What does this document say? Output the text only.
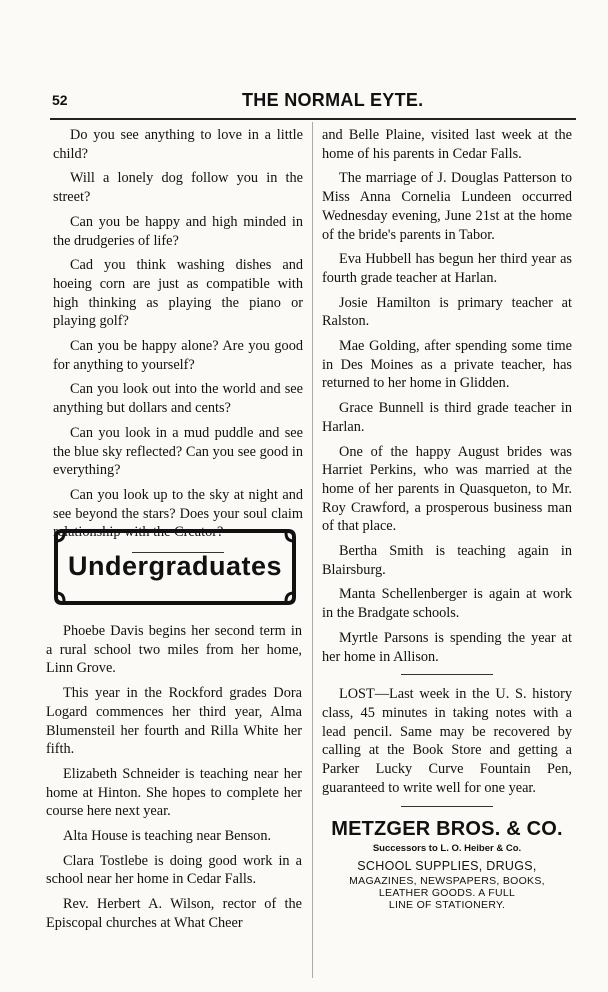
52	THE NORMAL EYTE.

Do you see anything to love in a little child?

Will a lonely dog follow you in the street?

Can you be happy and high minded in the drudgeries of life?

Cad you think washing dishes and hoeing corn are just as compatible with high thinking as playing the piano or playing golf?

Can you be happy alone? Are you good for anything to yourself?

Can you look out into the world and see anything but dollars and cents?

Can you look in a mud puddle and see the blue sky reflected? Can you see good in everything?

Can you look up to the sky at night and see beyond the stars? Does your soul claim relationship with the Creator?

Undergraduates

Phoebe Davis begins her second term in a rural school two miles from her home, Linn Grove.

This year in the Rockford grades Dora Logard commences her third year, Alma Blumensteil her fourth and Rilla White her fifth.

Elizabeth Schneider is teaching near her home at Hinton. She hopes to complete her course here next year.

Alta House is teaching near Benson.

Clara Tostlebe is doing good work in a school near her home in Cedar Falls.

Rev. Herbert A. Wilson, rector of the Episcopal churches at What Cheer

and Belle Plaine, visited last week at the home of his parents in Cedar Falls.

The marriage of J. Douglas Patterson to Miss Anna Cornelia Lundeen occurred Wednesday evening, June 21st at the home of the bride's parents in Tabor.

Eva Hubbell has begun her third year as fourth grade teacher at Harlan.

Josie Hamilton is primary teacher at Ralston.

Mae Golding, after spending some time in Des Moines as a private teacher, has returned to her home in Glidden.

Grace Bunnell is third grade teacher in Harlan.

One of the happy August brides was Harriet Perkins, who was married at the home of her parents in Quasqueton, to Mr. Roy Crawford, a prosperous business man of that place.

Bertha Smith is teaching again in Blairsburg.

Manta Schellenberger is again at work in the Bradgate schools.

Myrtle Parsons is spending the year at her home in Allison.

LOST—Last week in the U. S. history class, 45 minutes in taking notes with a lead pencil. Same may be recovered by calling at the Book Store and getting a Parker Lucky Curve Fountain Pen, guaranteed to write well for one year.

METZGER BROS. & CO.
Successors to L. O. Heiber & Co.
SCHOOL SUPPLIES, DRUGS,
MAGAZINES, NEWSPAPERS, BOOKS,
LEATHER GOODS. A FULL
LINE OF STATIONERY.
